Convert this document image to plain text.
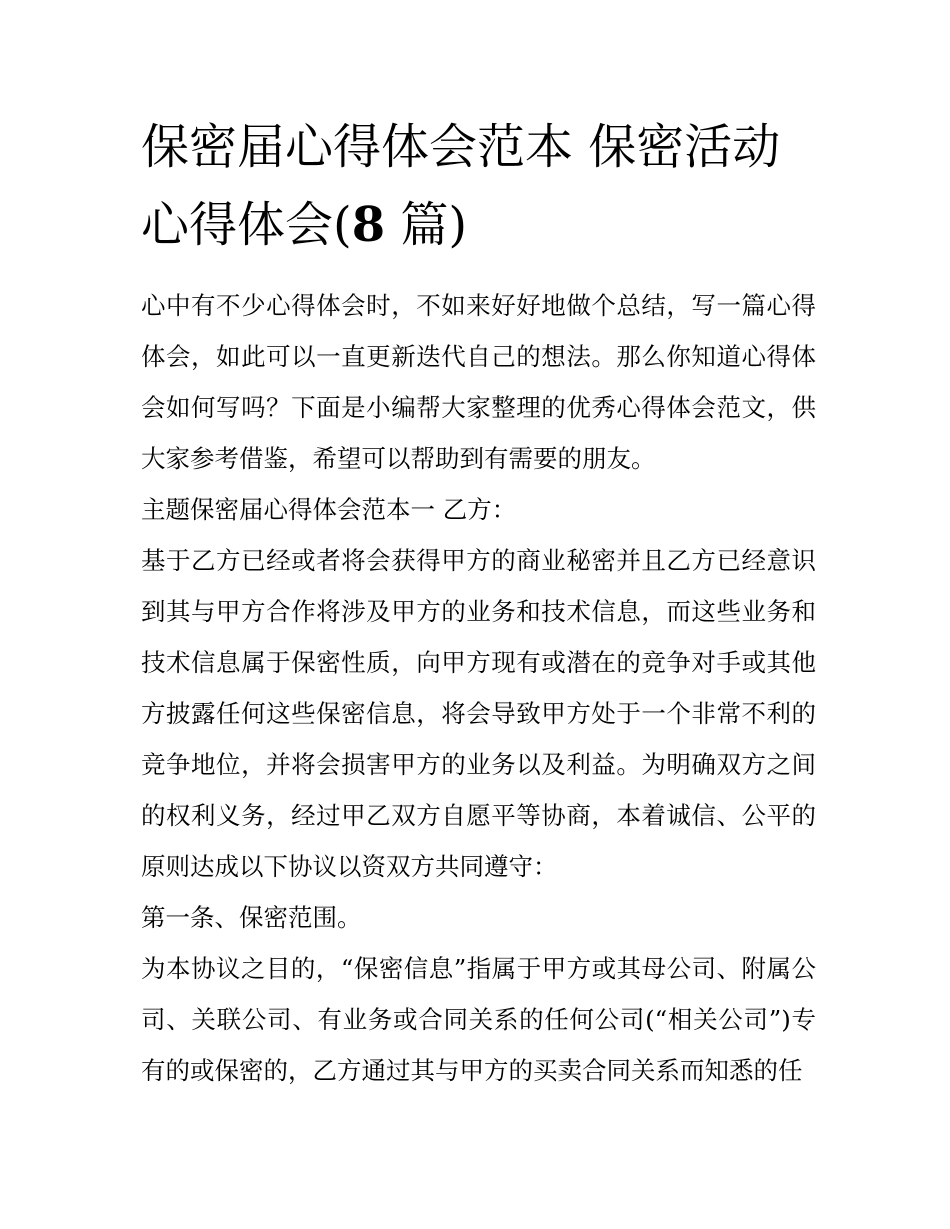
保密届心得体会范本 保密活动心得体会(8 篇)

心中有不少心得体会时，不如来好好地做个总结，写一篇心得体会，如此可以一直更新迭代自己的想法。那么你知道心得体会如何写吗？下面是小编帮大家整理的优秀心得体会范文，供大家参考借鉴，希望可以帮助到有需要的朋友。

主题保密届心得体会范本一 乙方：

基于乙方已经或者将会获得甲方的商业秘密并且乙方已经意识到其与甲方合作将涉及甲方的业务和技术信息，而这些业务和技术信息属于保密性质，向甲方现有或潜在的竞争对手或其他方披露任何这些保密信息，将会导致甲方处于一个非常不利的竞争地位，并将会损害甲方的业务以及利益。为明确双方之间的权利义务，经过甲乙双方自愿平等协商，本着诚信、公平的原则达成以下协议以资双方共同遵守：

第一条、保密范围。

为本协议之目的，“保密信息”指属于甲方或其母公司、附属公司、关联公司、有业务或合同关系的任何公司(“相关公司”)专有的或保密的，乙方通过其与甲方的买卖合同关系而知悉的任
